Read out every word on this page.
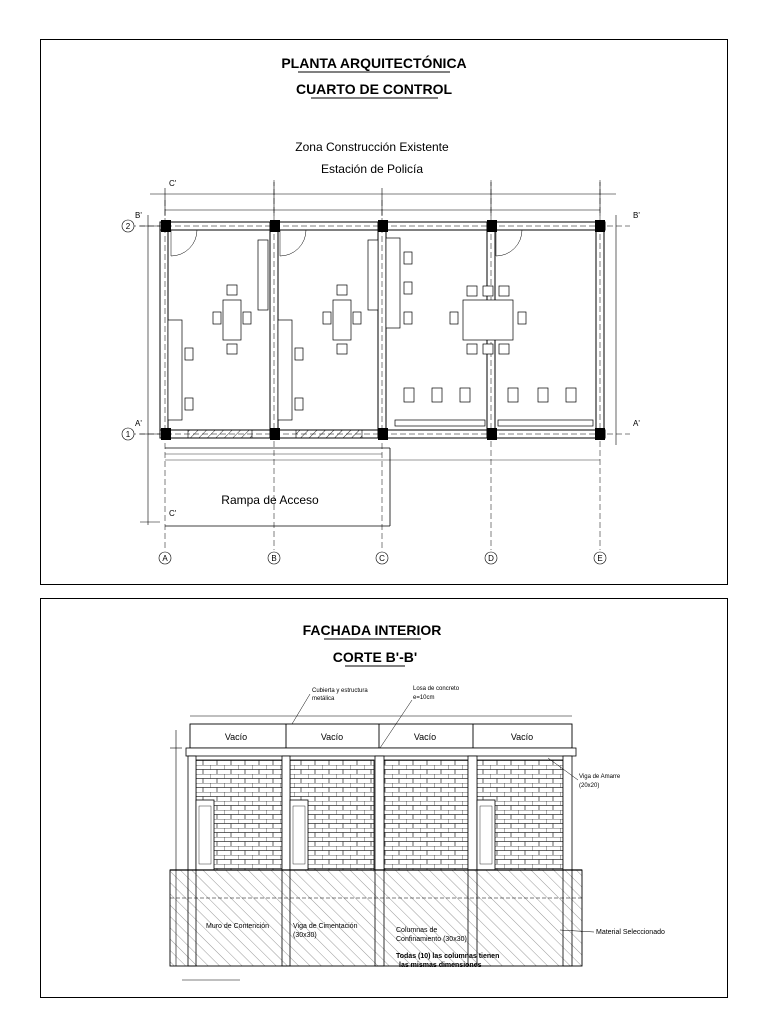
PLANTA ARQUITECTÓNICA
CUARTO DE CONTROL
Zona Construcción Existente
Estación de Policía
Rampa de Acceso
A	B	C	D	E
2
1
B'	B'
A'	A'
C'
C'
FACHADA INTERIOR
CORTE B'-B'
Vacío	Vacío	Vacío	Vacío
Cubierta y estructura
metálica
Losa de concreto
e=10cm
Viga de Amarre
(20x20)
Muro de Contención	Viga de Cimentación
(30x30)
Columnas de
Confinamiento (30x30)
Todas (10) las columnas tienen
las mismas dimensiones
Material Seleccionado
